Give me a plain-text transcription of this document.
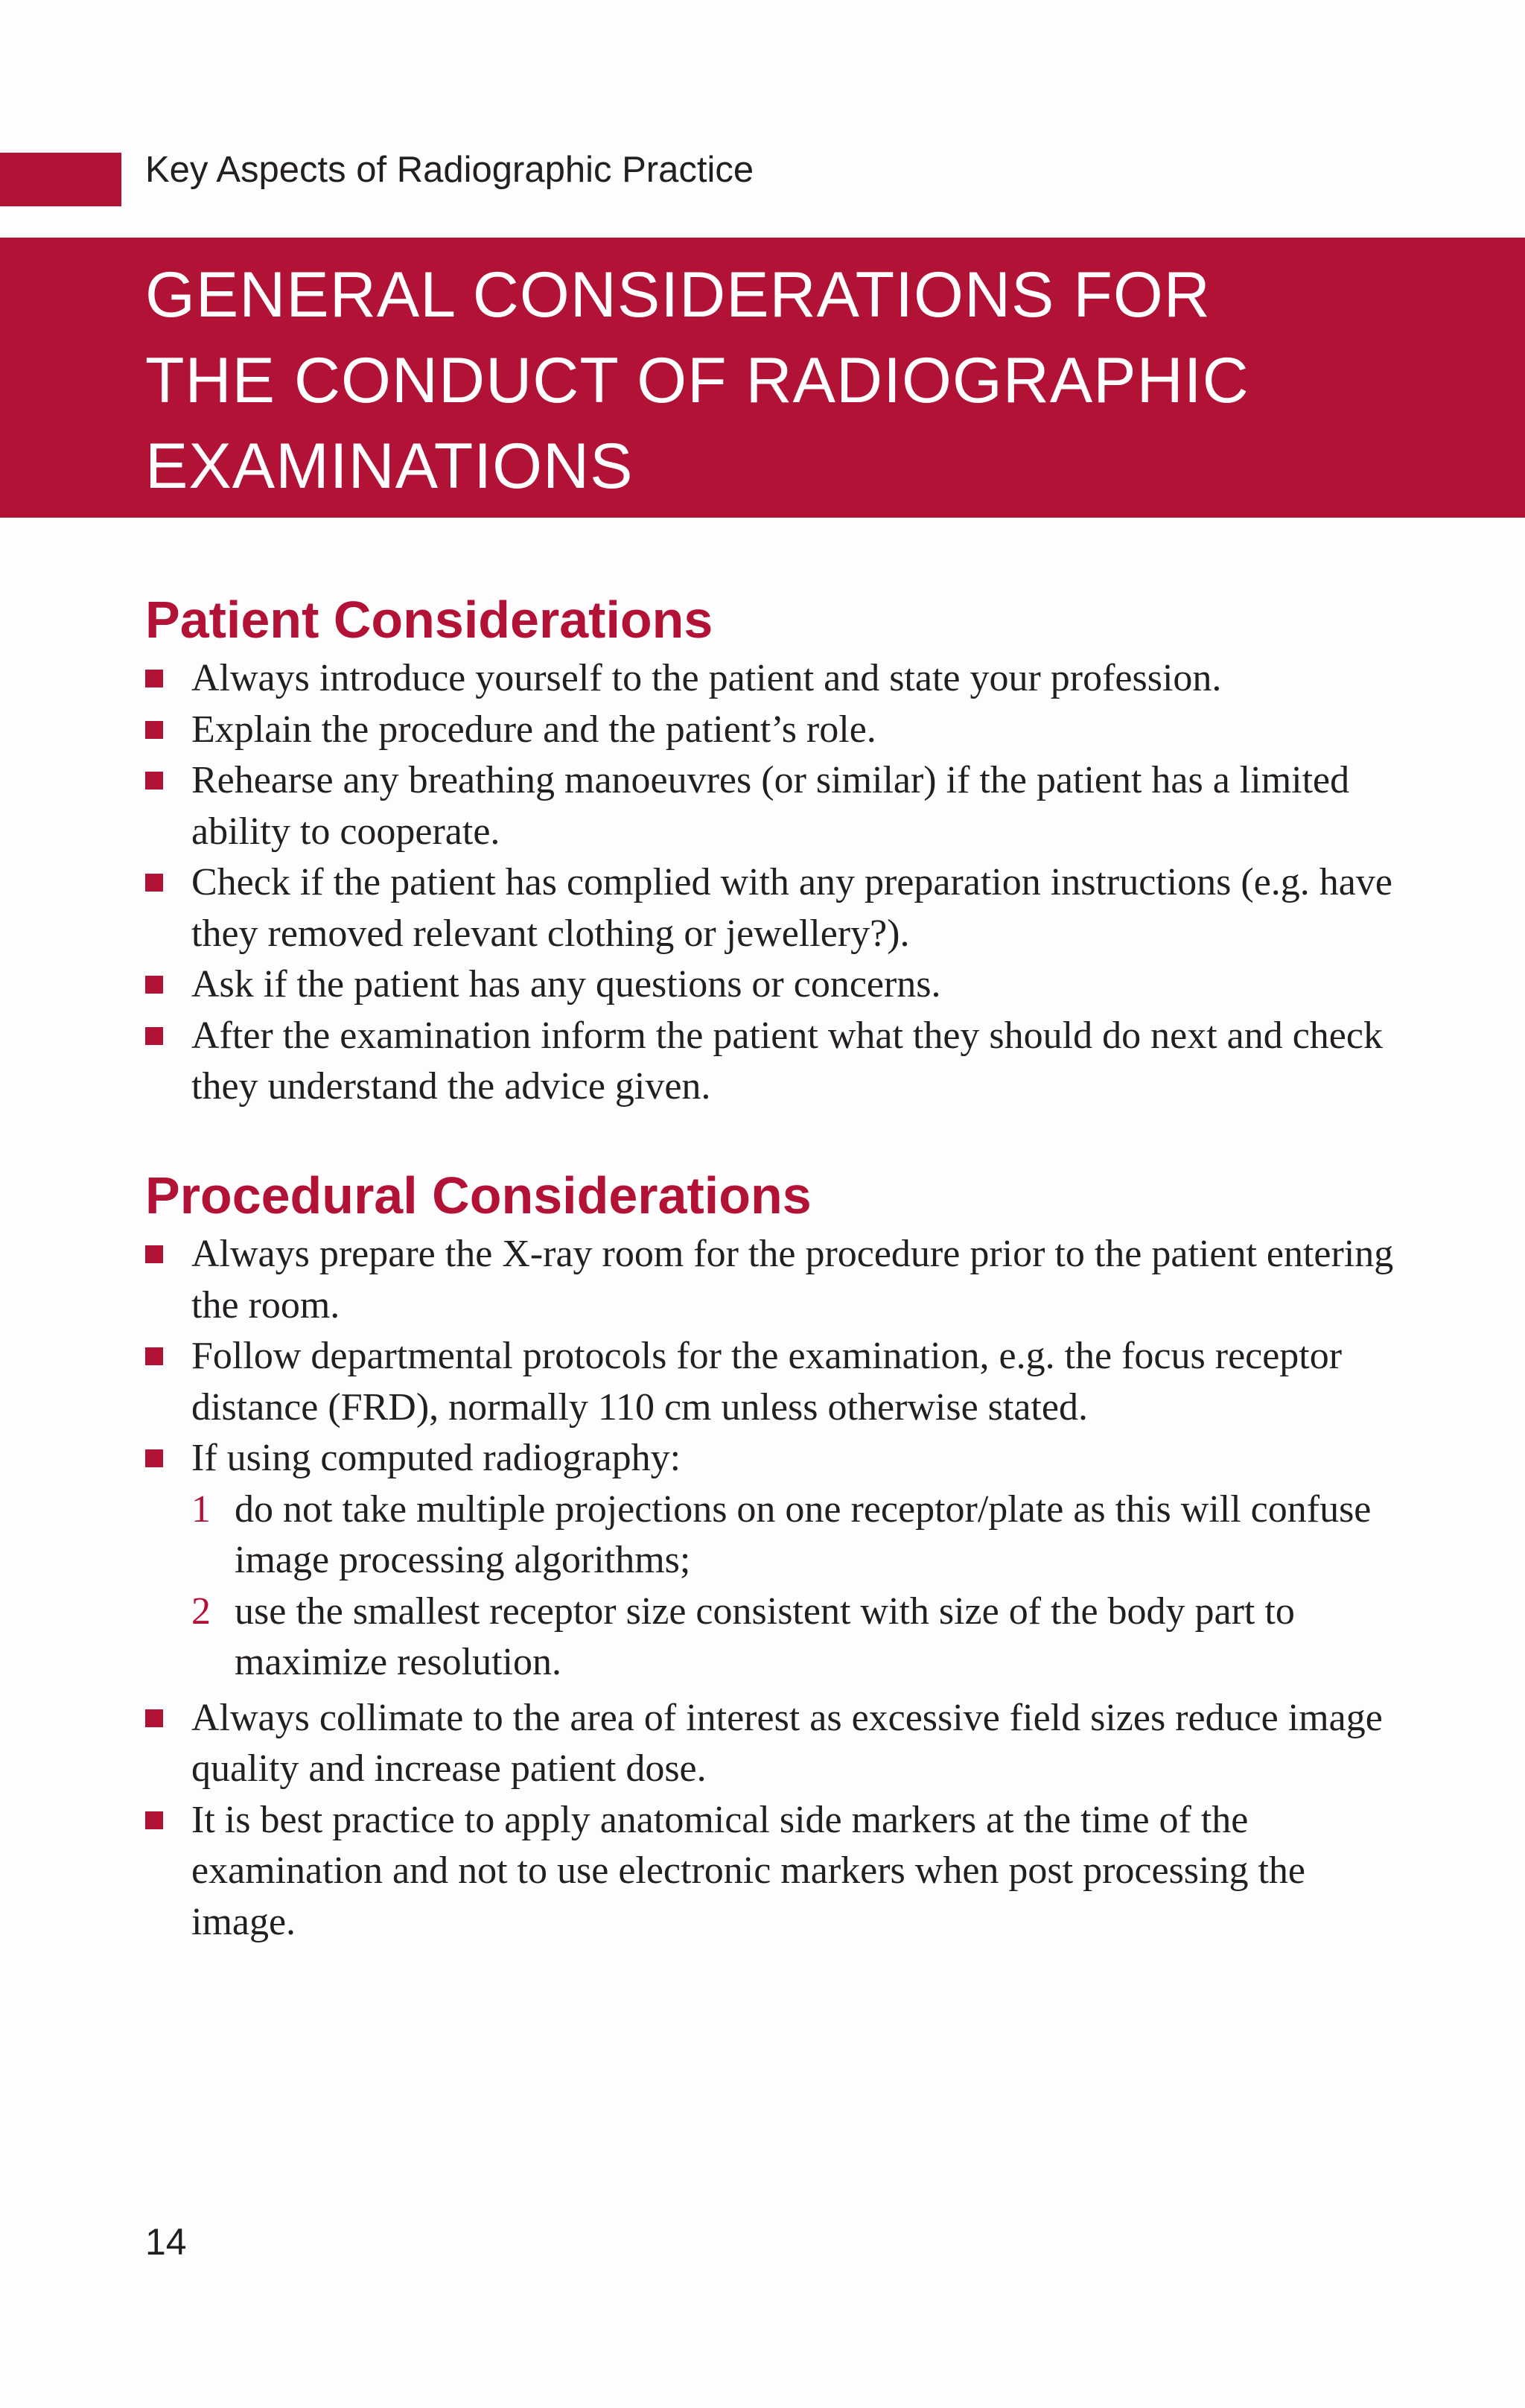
Key Aspects of Radiographic Practice
GENERAL CONSIDERATIONS FOR
THE CONDUCT OF RADIOGRAPHIC
EXAMINATIONS
Patient Considerations
Always introduce yourself to the patient and state your profession.
Explain the procedure and the patient’s role.
Rehearse any breathing manoeuvres (or similar) if the patient has a limited ability to cooperate.
Check if the patient has complied with any preparation instructions (e.g. have they removed relevant clothing or jewellery?).
Ask if the patient has any questions or concerns.
After the examination inform the patient what they should do next and check they understand the advice given.
Procedural Considerations
Always prepare the X-ray room for the procedure prior to the patient entering the room.
Follow departmental protocols for the examination, e.g. the focus receptor distance (FRD), normally 110 cm unless otherwise stated.
If using computed radiography:
1 do not take multiple projections on one receptor/plate as this will confuse image processing algorithms;
2 use the smallest receptor size consistent with size of the body part to maximize resolution.
Always collimate to the area of interest as excessive field sizes reduce image quality and increase patient dose.
It is best practice to apply anatomical side markers at the time of the examination and not to use electronic markers when post processing the image.
14
